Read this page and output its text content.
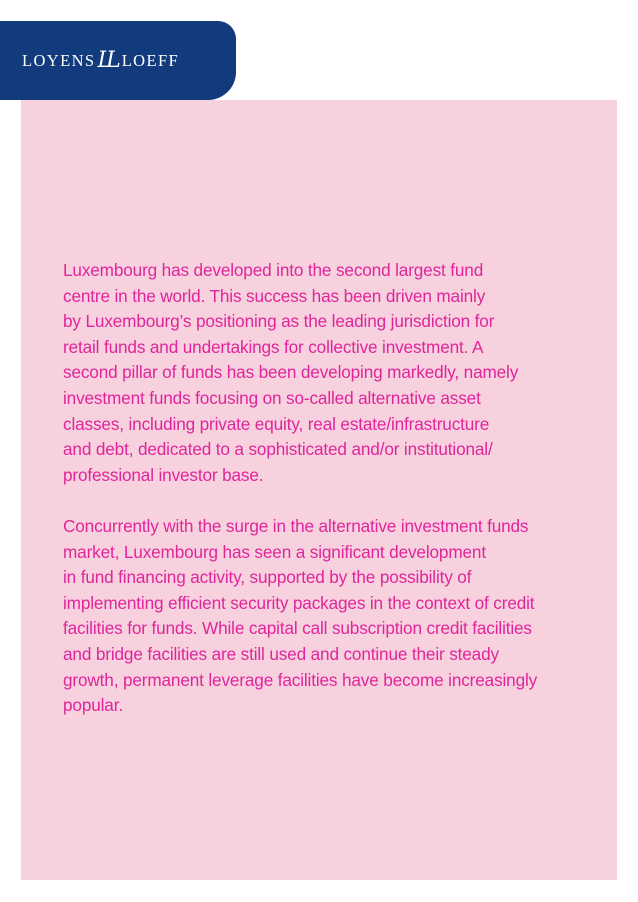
LOYENS LL LOEFF

Luxembourg has developed into the second largest fund
centre in the world. This success has been driven mainly
by Luxembourg’s positioning as the leading jurisdiction for
retail funds and undertakings for collective investment. A
second pillar of funds has been developing markedly, namely
investment funds focusing on so-called alternative asset
classes, including private equity, real estate/infrastructure
and debt, dedicated to a sophisticated and/or institutional/
professional investor base.

Concurrently with the surge in the alternative investment funds
market, Luxembourg has seen a significant development
in fund financing activity, supported by the possibility of
implementing efficient security packages in the context of credit
facilities for funds. While capital call subscription credit facilities
and bridge facilities are still used and continue their steady
growth, permanent leverage facilities have become increasingly
popular.
